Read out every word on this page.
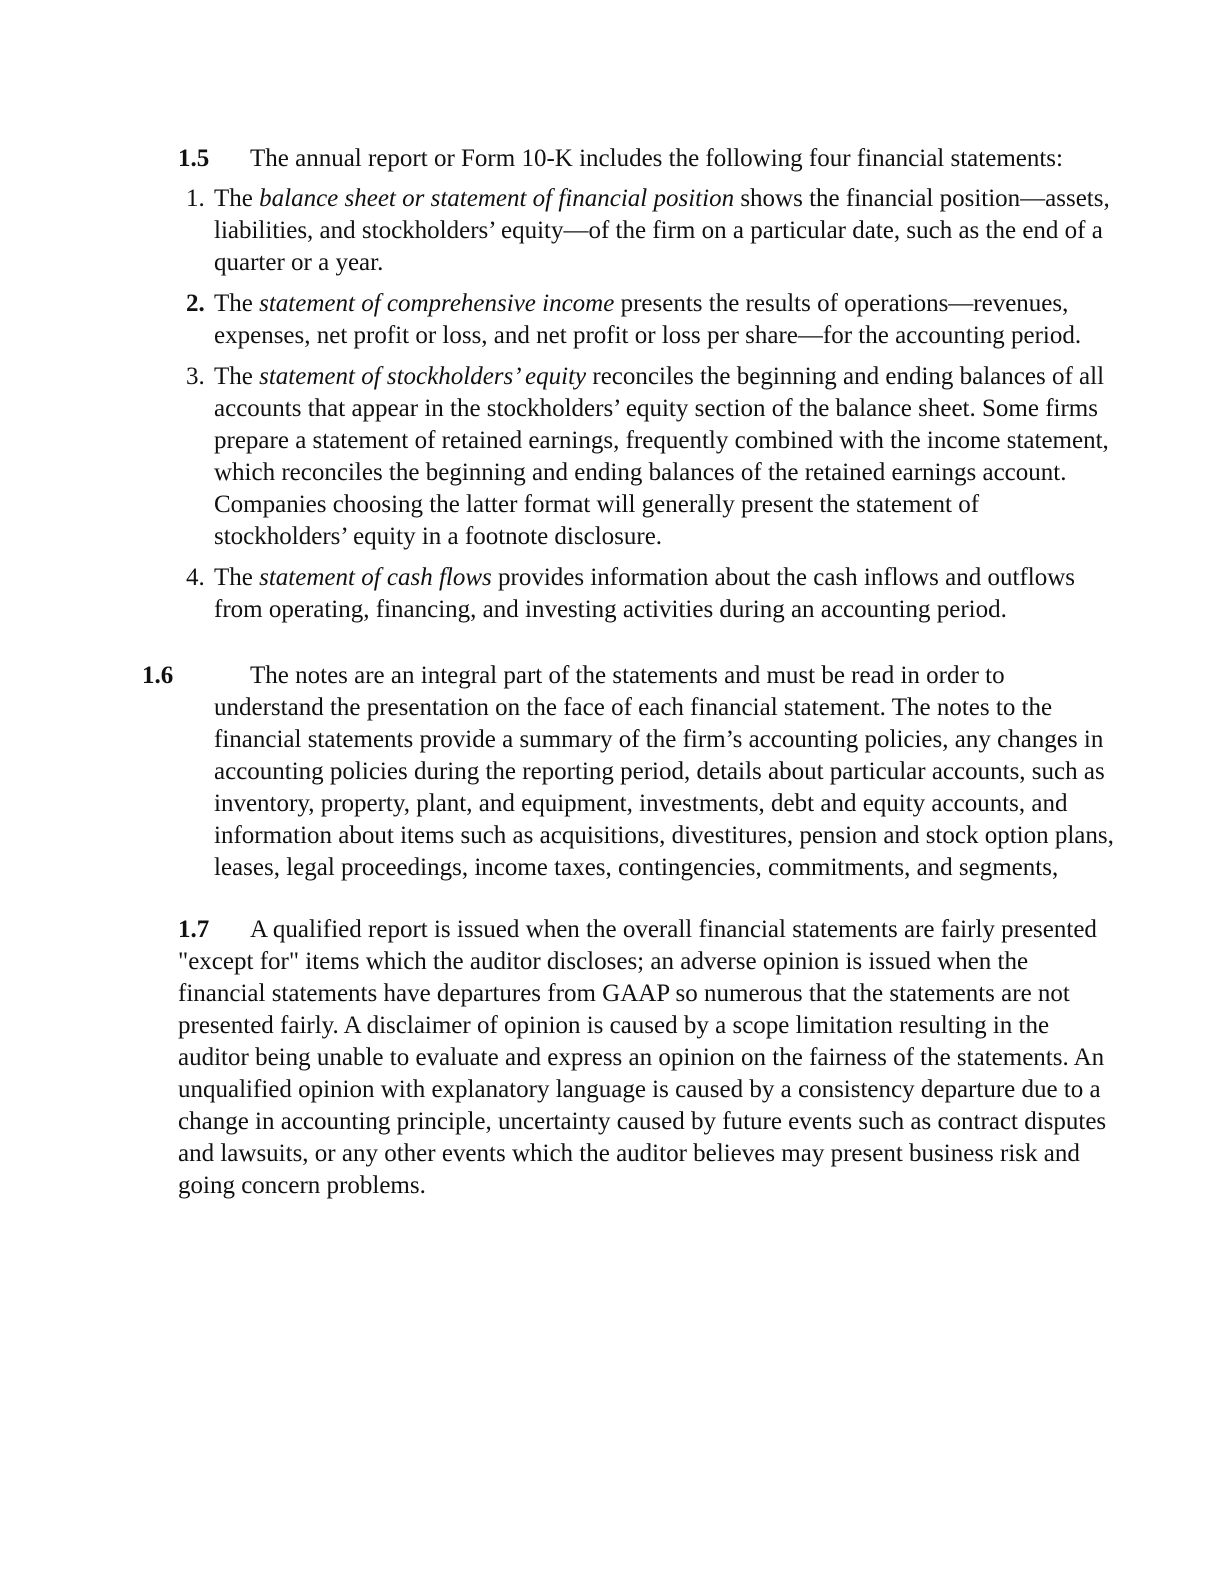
1.5 The annual report or Form 10-K includes the following four financial statements:

1. The balance sheet or statement of financial position shows the financial position—assets, liabilities, and stockholders’ equity—of the firm on a particular date, such as the end of a quarter or a year.
2. The statement of comprehensive income presents the results of operations—revenues, expenses, net profit or loss, and net profit or loss per share—for the accounting period.
3. The statement of stockholders’ equity reconciles the beginning and ending balances of all accounts that appear in the stockholders’ equity section of the balance sheet. Some firms prepare a statement of retained earnings, frequently combined with the income statement, which reconciles the beginning and ending balances of the retained earnings account. Companies choosing the latter format will generally present the statement of stockholders’ equity in a footnote disclosure.
4. The statement of cash flows provides information about the cash inflows and outflows from operating, financing, and investing activities during an accounting period.

1.6	The notes are an integral part of the statements and must be read in order to understand the presentation on the face of each financial statement. The notes to the financial statements provide a summary of the firm’s accounting policies, any changes in accounting policies during the reporting period, details about particular accounts, such as inventory, property, plant, and equipment, investments, debt and equity accounts, and information about items such as acquisitions, divestitures, pension and stock option plans, leases, legal proceedings, income taxes, contingencies, commitments, and segments,

1.7 A qualified report is issued when the overall financial statements are fairly presented "except for" items which the auditor discloses; an adverse opinion is issued when the financial statements have departures from GAAP so numerous that the statements are not presented fairly. A disclaimer of opinion is caused by a scope limitation resulting in the auditor being unable to evaluate and express an opinion on the fairness of the statements. An unqualified opinion with explanatory language is caused by a consistency departure due to a change in accounting principle, uncertainty caused by future events such as contract disputes and lawsuits, or any other events which the auditor believes may present business risk and going concern problems.
